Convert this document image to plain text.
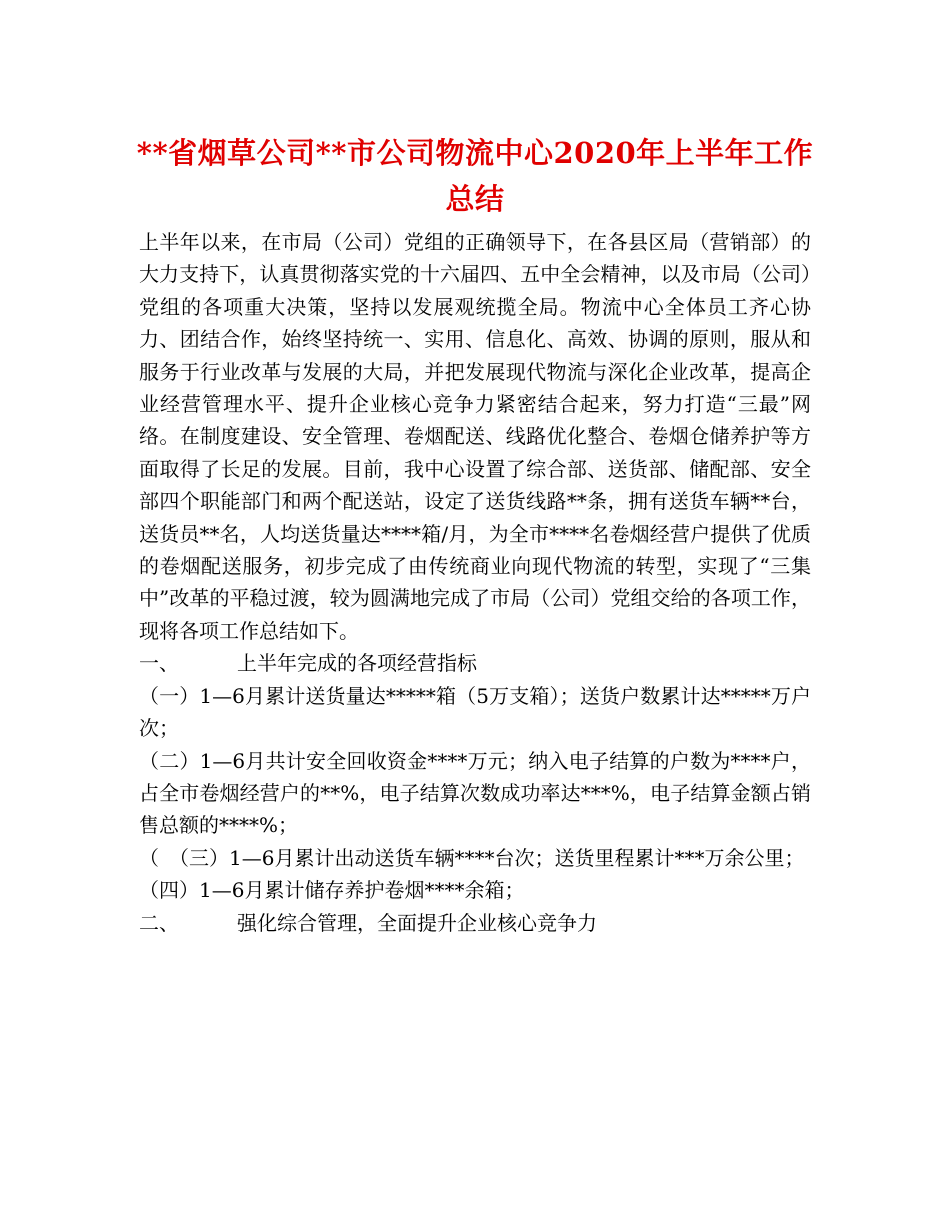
**省烟草公司**市公司物流中心2020年上半年工作总结

上半年以来，在市局（公司）党组的正确领导下，在各县区局（营销部）的大力支持下，认真贯彻落实党的十六届四、五中全会精神，以及市局（公司）党组的各项重大决策，坚持以发展观统揽全局。物流中心全体员工齐心协力、团结合作，始终坚持统一、实用、信息化、高效、协调的原则，服从和服务于行业改革与发展的大局，并把发展现代物流与深化企业改革，提高企业经营管理水平、提升企业核心竞争力紧密结合起来，努力打造“三最”网络。在制度建设、安全管理、卷烟配送、线路优化整合、卷烟仓储养护等方面取得了长足的发展。目前，我中心设置了综合部、送货部、储配部、安全部四个职能部门和两个配送站，设定了送货线路**条，拥有送货车辆**台，送货员**名，人均送货量达****箱/月，为全市****名卷烟经营户提供了优质的卷烟配送服务，初步完成了由传统商业向现代物流的转型，实现了“三集中”改革的平稳过渡，较为圆满地完成了市局（公司）党组交给的各项工作，现将各项工作总结如下。

一、	上半年完成的各项经营指标

（一）1—6月累计送货量达*****箱（5万支箱）；送货户数累计达*****万户次；

（二）1—6月共计安全回收资金****万元；纳入电子结算的户数为****户，占全市卷烟经营户的**%，电子结算次数成功率达***%，电子结算金额占销售总额的****%；

（　（三）1—6月累计出动送货车辆****台次；送货里程累计***万余公里；

（四）1—6月累计储存养护卷烟****余箱；

二、	强化综合管理，全面提升企业核心竞争力
